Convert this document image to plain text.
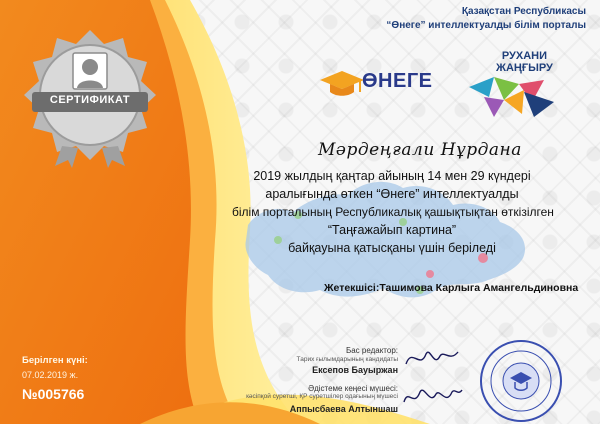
Қазақстан Республикасы
“Өнеге” интеллектуалды білім порталы
СЕРТИФИКАТ
ӨНЕГЕ
РУХАНИ
ЖАҢҒЫРУ
Мәрдеңғали Нұрдана
2019 жылдың қаңтар айының 14 мен 29 күндері
аралығында өткен “Өнеге” интеллектуалды
білім порталының Республикалық қашықтықтан өткізілген
“Таңғажайып картина”
байқауына қатысқаны үшін беріледі
Жетекшісі:Ташимова Карлыга Амангельдиновна
Берілген күні:
07.02.2019 ж.
№005766
Бас редактор:
Тарих ғылымдарының кандидаты
Ексепов Бауыржан
Әдістеме кеңесі мүшесі:
кәсіпқой суретші, ҚР суретшілер одағының мүшесі
Аппысбаева Алтыншаш
